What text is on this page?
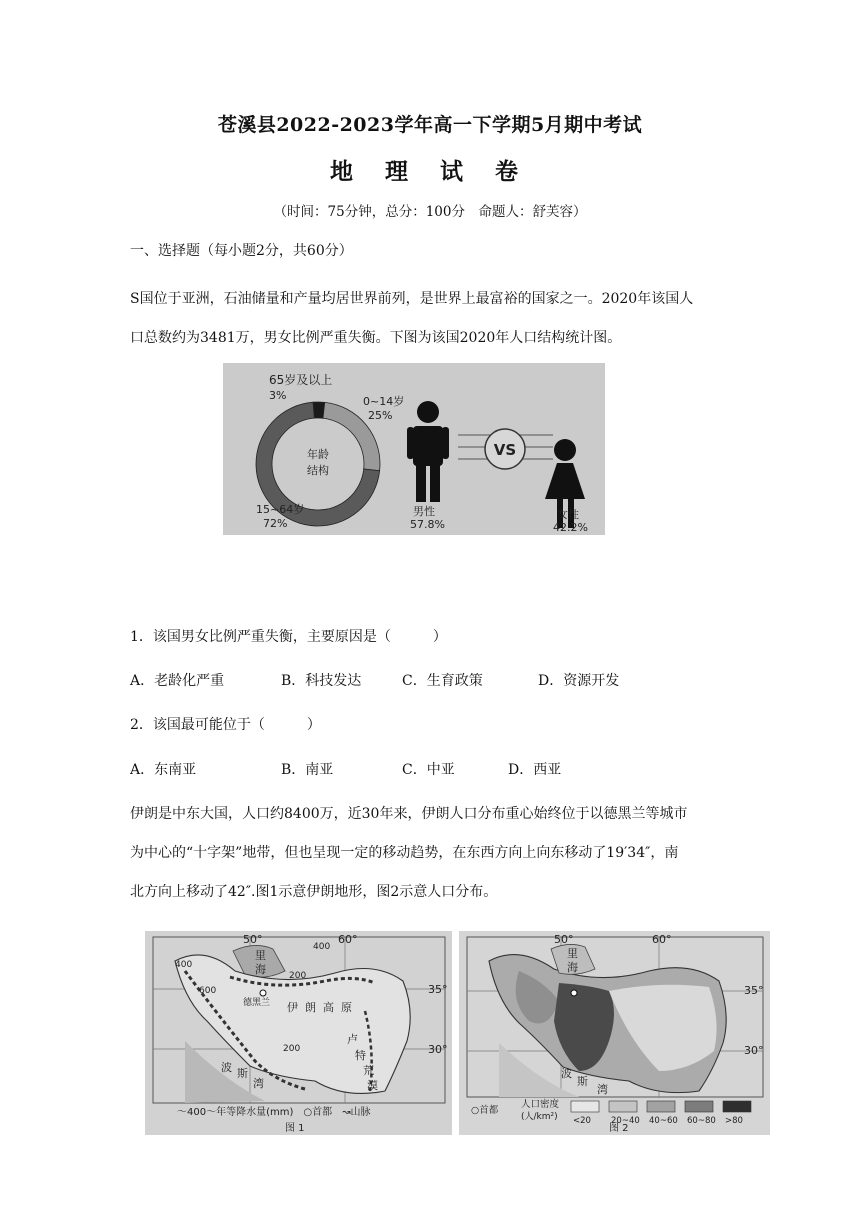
苍溪县2022-2023学年高一下学期5月期中考试
地 理 试 卷
（时间：75分钟，总分：100分　命题人：舒芙容）
一、选择题（每小题2分，共60分）
S国位于亚洲，石油储量和产量均居世界前列，是世界上最富裕的国家之一。2020年该国人
口总数约为3481万，男女比例严重失衡。下图为该国2020年人口结构统计图。
年龄
结构
65岁及以上
3%	0~14岁
25%
15~64岁
72%
男性
57.8%
VS
女性
42.2%
1．该国男女比例严重失衡，主要原因是（　　　）
A．老龄化严重	B．科技发达	C．生育政策	D．资源开发
2．该国最可能位于（　　　）
A．东南亚	B．南亚	C．中亚	D．西亚
伊朗是中东大国，人口约8400万，近30年来，伊朗人口分布重心始终位于以德黑兰等城市
为中心的“十字架”地带，但也呈现一定的移动趋势，在东西方向上向东移动了19′34″，南
北方向上移动了42″.图1示意伊朗地形，图2示意人口分布。
50°	60°
35°
30°
里
海
伊 朗 高 原
卢
特
荒
漠
波 斯
湾
400
200
600
200
400
德黑兰
〜400〜年等降水量(mm)　○首都　↝山脉
图 1
50°	60°
35°
30°
里
海
波
斯
湾
○首都
人口密度
(人/km²) <20 20~40 40~60 60~80 >80
图 2
